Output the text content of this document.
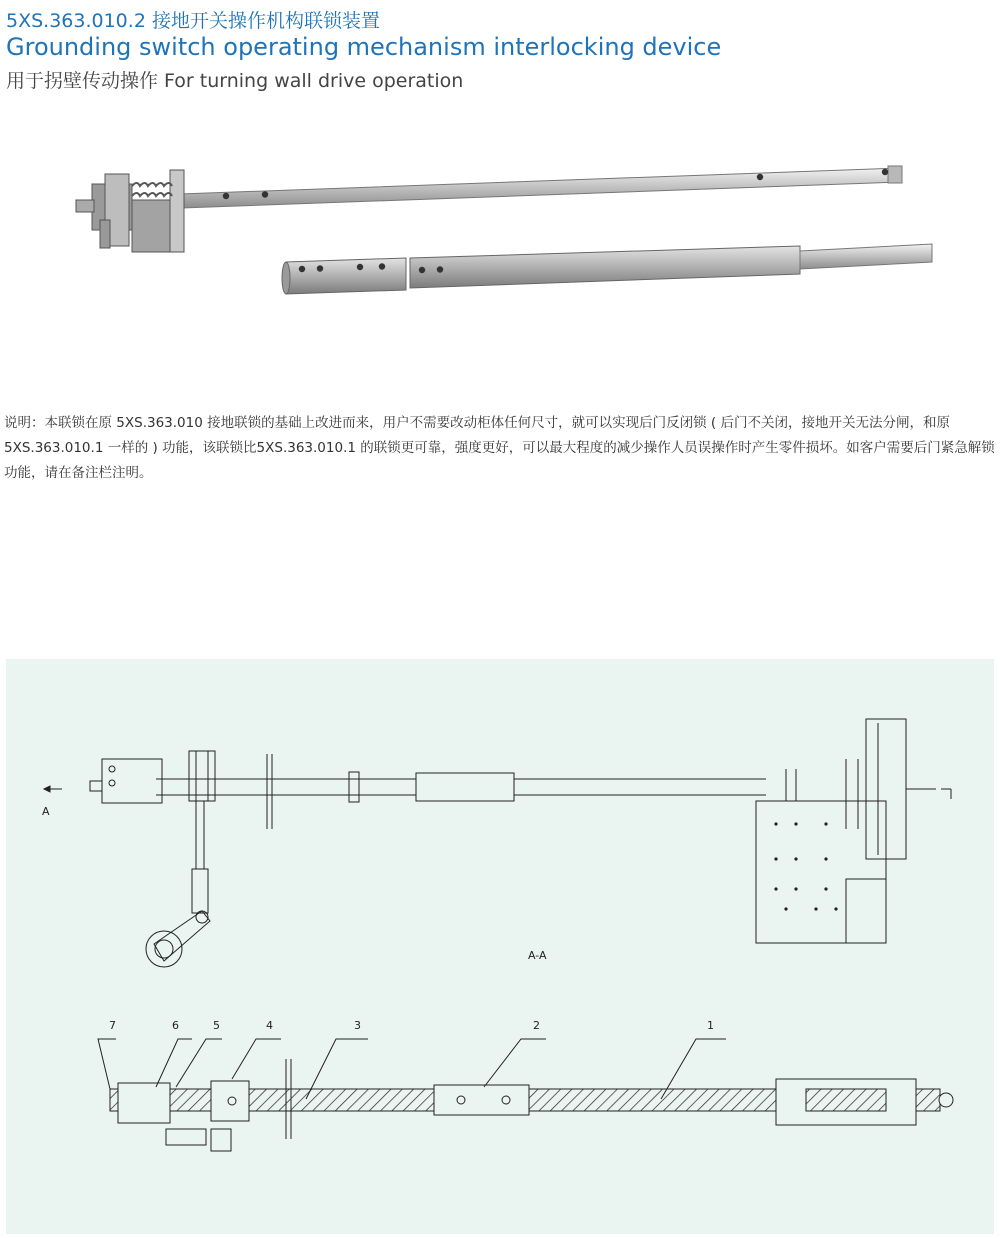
5XS.363.010.2 接地开关操作机构联锁装置
Grounding switch operating mechanism interlocking device
用于拐壁传动操作 For turning wall drive operation

说明：本联锁在原 5XS.363.010 接地联锁的基础上改进而来，用户不需要改动柜体任何尺寸，就可以实现后门反闭锁 ( 后门不关闭，接地开关无法分闸，和原 5XS.363.010.1 一样的 ) 功能，该联锁比5XS.363.010.1 的联锁更可靠，强度更好，可以最大程度的减少操作人员误操作时产生零件损坏。如客户需要后门紧急解锁功能，请在备注栏注明。

A
A-A
7	6	5	4	3	2	1
